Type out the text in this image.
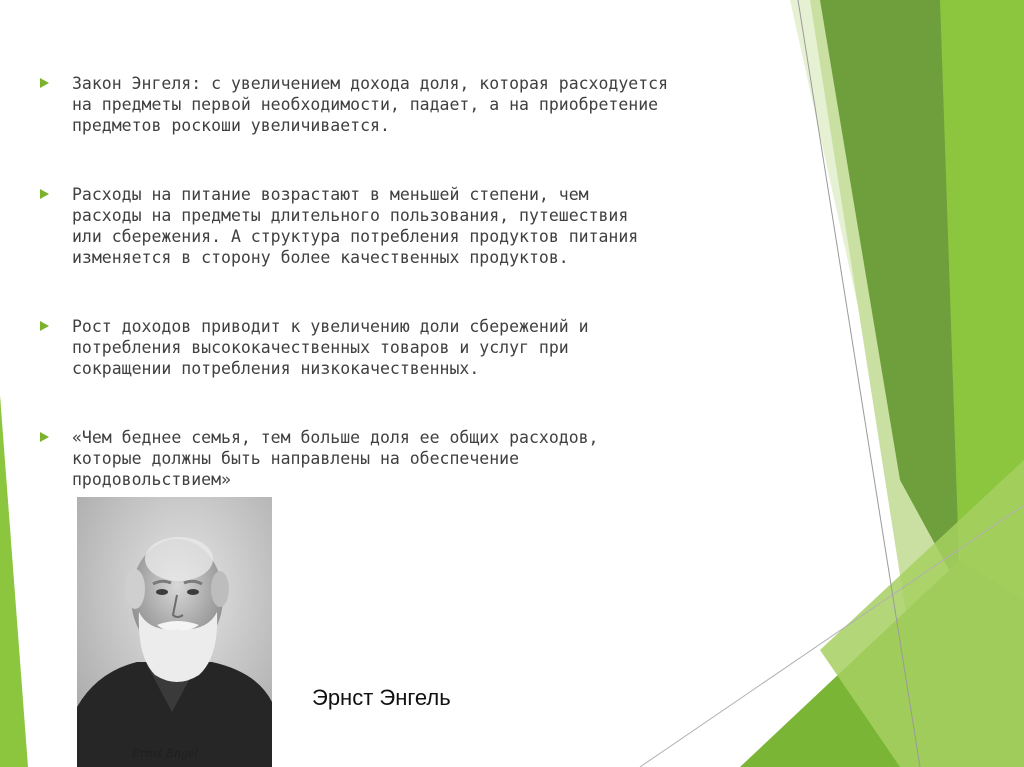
Закон Энгеля: с увеличением дохода доля, которая расходуется
на предметы первой необходимости, падает, а на приобретение
предметов роскоши увеличивается.
Расходы на питание возрастают в меньшей степени, чем
расходы на предметы длительного пользования, путешествия
или сбережения. А структура потребления продуктов питания
изменяется в сторону более качественных продуктов.
Рост доходов приводит к увеличению доли сбережений и
потребления высококачественных товаров и услуг при
сокращении потребления низкокачественных.
«Чем беднее семья, тем больше доля ее общих расходов,
которые должны быть направлены на обеспечение
продовольствием»
Ernst Engel.
Эрнст Энгель
